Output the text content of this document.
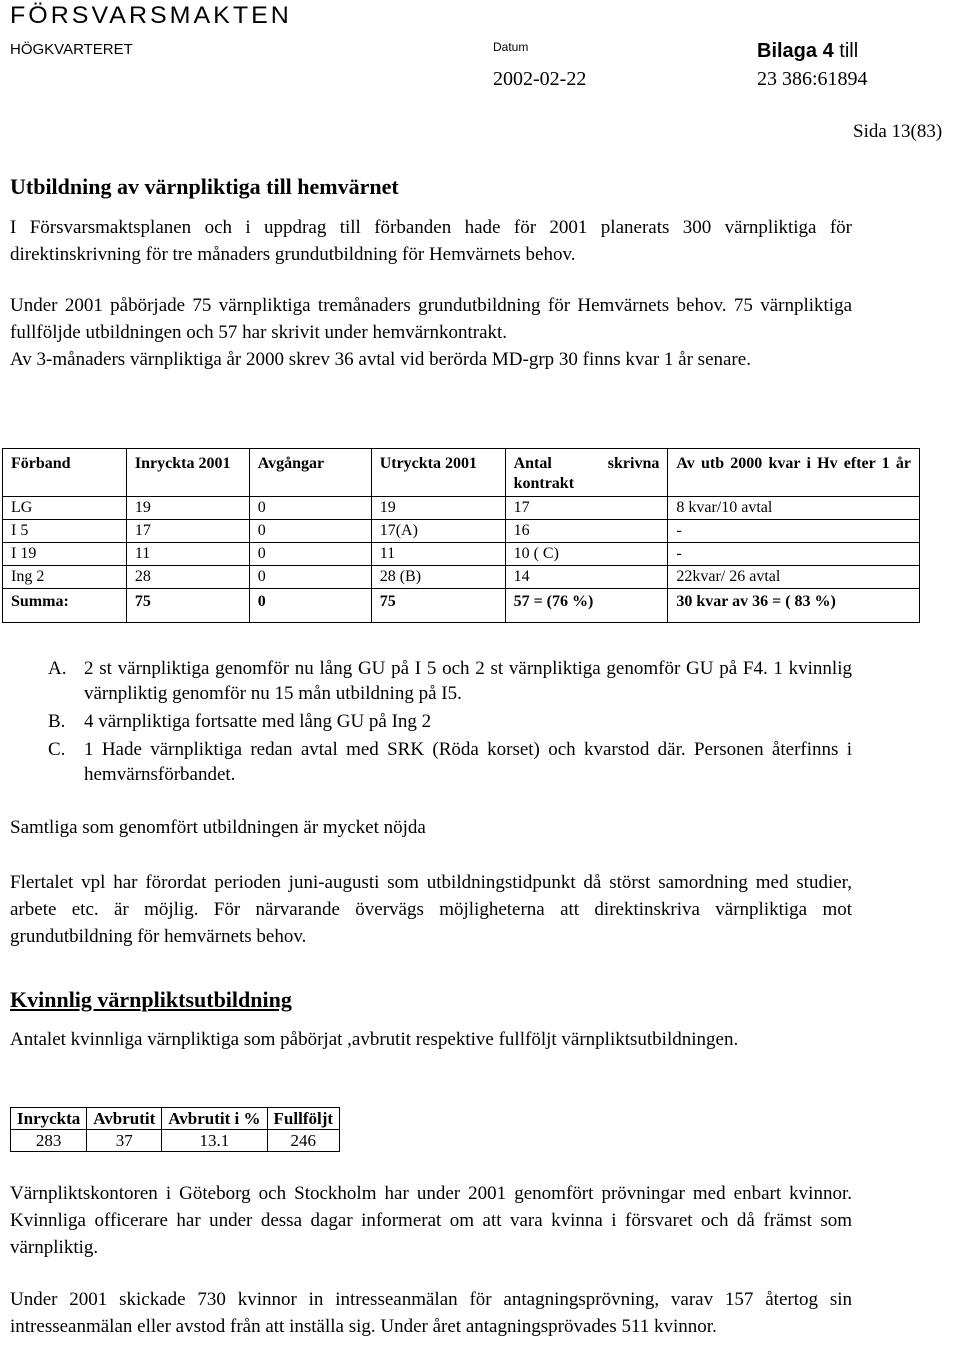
FÖRSVARSMAKTEN
HÖGKVARTERET	Datum	Bilaga 4 till
2002-02-22	23 386:61894
Sida 13(83)
Utbildning av värnpliktiga till hemvärnet
I Försvarsmaktsplanen och i uppdrag till förbanden hade för 2001 planerats 300 värnpliktiga för direktinskrivning för tre månaders grundutbildning för Hemvärnets behov.
Under 2001 påbörjade 75 värnpliktiga tremånaders grundutbildning för Hemvärnets behov. 75 värnpliktiga fullföljde utbildningen och 57 har skrivit under hemvärnkontrakt.
Av 3-månaders värnpliktiga år 2000 skrev 36 avtal vid berörda MD-grp 30 finns kvar 1 år senare.
Förband	Inryckta 2001	Avgångar	Utryckta 2001	Antal skrivna kontrakt	Av utb 2000 kvar i Hv efter 1 år
LG	19	0	19	17	8 kvar/10 avtal
I 5	17	0	17(A)	16	-
I 19	11	0	11	10 ( C)	-
Ing 2	28	0	28 (B)	14	22kvar/ 26 avtal
Summa:	75	0	75	57 = (76 %)	30 kvar av 36 = ( 83 %)
A. 2 st värnpliktiga genomför nu lång GU på I 5 och 2 st värnpliktiga genomför GU på F4. 1 kvinnlig värnpliktig genomför nu 15 mån utbildning på I5.
B. 4 värnpliktiga fortsatte med lång GU på Ing 2
C. 1 Hade värnpliktiga redan avtal med SRK (Röda korset) och kvarstod där. Personen återfinns i hemvärnsförbandet.
Samtliga som genomfört utbildningen är mycket nöjda
Flertalet vpl har förordat perioden juni-augusti som utbildningstidpunkt då störst samordning med studier, arbete etc. är möjlig. För närvarande övervägs möjligheterna att direktinskriva värnpliktiga mot grundutbildning för hemvärnets behov.
Kvinnlig värnpliktsutbildning
Antalet kvinnliga värnpliktiga som påbörjat ,avbrutit respektive fullföljt värnpliktsutbildningen.
Inryckta	Avbrutit	Avbrutit i %	Fullföljt
283	37	13.1	246
Värnpliktskontoren i Göteborg och Stockholm har under 2001 genomfört prövningar med enbart kvinnor. Kvinnliga officerare har under dessa dagar informerat om att vara kvinna i försvaret och då främst som värnpliktig.
Under 2001 skickade 730 kvinnor in intresseanmälan för antagningsprövning, varav 157 återtog sin intresseanmälan eller avstod från att inställa sig. Under året antagningsprövades 511 kvinnor.
